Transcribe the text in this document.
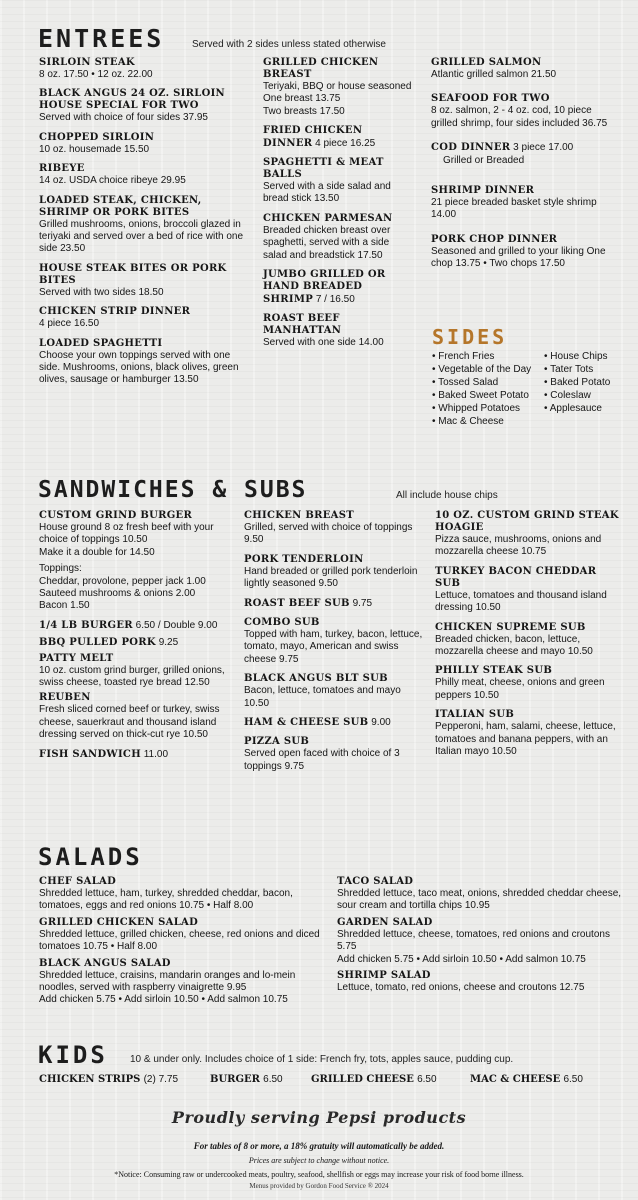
ENTREES	Served with 2 sides unless stated otherwise
SIRLOIN STEAK
8 oz. 17.50 • 12 oz. 22.00
BLACK ANGUS 24 OZ. SIRLOIN HOUSE SPECIAL FOR TWO
Served with choice of four sides 37.95
CHOPPED SIRLOIN
10 oz. housemade 15.50
RIBEYE
14 oz. USDA choice ribeye 29.95
LOADED STEAK, CHICKEN, SHRIMP OR PORK BITES
Grilled mushrooms, onions, broccoli glazed in teriyaki and served over a bed of rice with one side 23.50
HOUSE STEAK BITES OR PORK BITES
Served with two sides 18.50
CHICKEN STRIP DINNER
4 piece 16.50
LOADED SPAGHETTI
Choose your own toppings served with one side. Mushrooms, onions, black olives, green olives, sausage or hamburger 13.50
GRILLED CHICKEN BREAST
Teriyaki, BBQ or house seasoned
One breast 13.75
Two breasts 17.50
FRIED CHICKEN DINNER 4 piece 16.25
SPAGHETTI & MEAT BALLS
Served with a side salad and bread stick 13.50
CHICKEN PARMESAN
Breaded chicken breast over spaghetti, served with a side salad and breadstick 17.50
JUMBO GRILLED OR HAND BREADED SHRIMP 7 / 16.50
ROAST BEEF MANHATTAN
Served with one side 14.00
GRILLED SALMON
Atlantic grilled salmon 21.50
SEAFOOD FOR TWO
8 oz. salmon, 2 - 4 oz. cod, 10 piece grilled shrimp, four sides included 36.75
COD DINNER 3 piece 17.00
Grilled or Breaded
SHRIMP DINNER
21 piece breaded basket style shrimp 14.00
PORK CHOP DINNER
Seasoned and grilled to your liking One chop 13.75 • Two chops 17.50
SIDES
• French Fries
• Vegetable of the Day
• Tossed Salad
• Baked Sweet Potato
• Whipped Potatoes
• Mac & Cheese
• House Chips
• Tater Tots
• Baked Potato
• Coleslaw
• Applesauce
SANDWICHES & SUBS	All include house chips
CUSTOM GRIND BURGER
House ground 8 oz fresh beef with your choice of toppings 10.50
Make it a double for 14.50
Toppings:
Cheddar, provolone, pepper jack 1.00
Sauteed mushrooms & onions 2.00
Bacon 1.50
1/4 LB BURGER 6.50 / Double 9.00
BBQ PULLED PORK 9.25
PATTY MELT
10 oz. custom grind burger, grilled onions, swiss cheese, toasted rye bread 12.50
REUBEN
Fresh sliced corned beef or turkey, swiss cheese, sauerkraut and thousand island dressing served on thick-cut rye 10.50
FISH SANDWICH 11.00
CHICKEN BREAST
Grilled, served with choice of toppings 9.50
PORK TENDERLOIN
Hand breaded or grilled pork tenderloin lightly seasoned 9.50
ROAST BEEF SUB 9.75
COMBO SUB
Topped with ham, turkey, bacon, lettuce, tomato, mayo, American and swiss cheese 9.75
BLACK ANGUS BLT SUB
Bacon, lettuce, tomatoes and mayo 10.50
HAM & CHEESE SUB 9.00
PIZZA SUB
Served open faced with choice of 3 toppings 9.75
10 OZ. CUSTOM GRIND STEAK HOAGIE
Pizza sauce, mushrooms, onions and mozzarella cheese 10.75
TURKEY BACON CHEDDAR SUB
Lettuce, tomatoes and thousand island dressing 10.50
CHICKEN SUPREME SUB
Breaded chicken, bacon, lettuce, mozzarella cheese and mayo 10.50
PHILLY STEAK SUB
Philly meat, cheese, onions and green peppers 10.50
ITALIAN SUB
Pepperoni, ham, salami, cheese, lettuce, tomatoes and banana peppers, with an Italian mayo 10.50
SALADS
CHEF SALAD
Shredded lettuce, ham, turkey, shredded cheddar, bacon, tomatoes, eggs and red onions 10.75 • Half 8.00
GRILLED CHICKEN SALAD
Shredded lettuce, grilled chicken, cheese, red onions and diced tomatoes 10.75 • Half 8.00
BLACK ANGUS SALAD
Shredded lettuce, craisins, mandarin oranges and lo-mein noodles, served with raspberry vinaigrette 9.95
Add chicken 5.75 • Add sirloin 10.50 • Add salmon 10.75
TACO SALAD
Shredded lettuce, taco meat, onions, shredded cheddar cheese, sour cream and tortilla chips 10.95
GARDEN SALAD
Shredded lettuce, cheese, tomatoes, red onions and croutons 5.75
Add chicken 5.75 • Add sirloin 10.50 • Add salmon 10.75
SHRIMP SALAD
Lettuce, tomato, red onions, cheese and croutons 12.75
KIDS 10 & under only. Includes choice of 1 side: French fry, tots, apples sauce, pudding cup.
CHICKEN STRIPS (2) 7.75	BURGER 6.50	GRILLED CHEESE 6.50	MAC & CHEESE 6.50
Proudly serving Pepsi products
For tables of 8 or more, a 18% gratuity will automatically be added.
Prices are subject to change without notice.
*Notice: Consuming raw or undercooked meats, poultry, seafood, shellfish or eggs may increase your risk of food borne illness.
Menus provided by Gordon Food Service ® 2024
